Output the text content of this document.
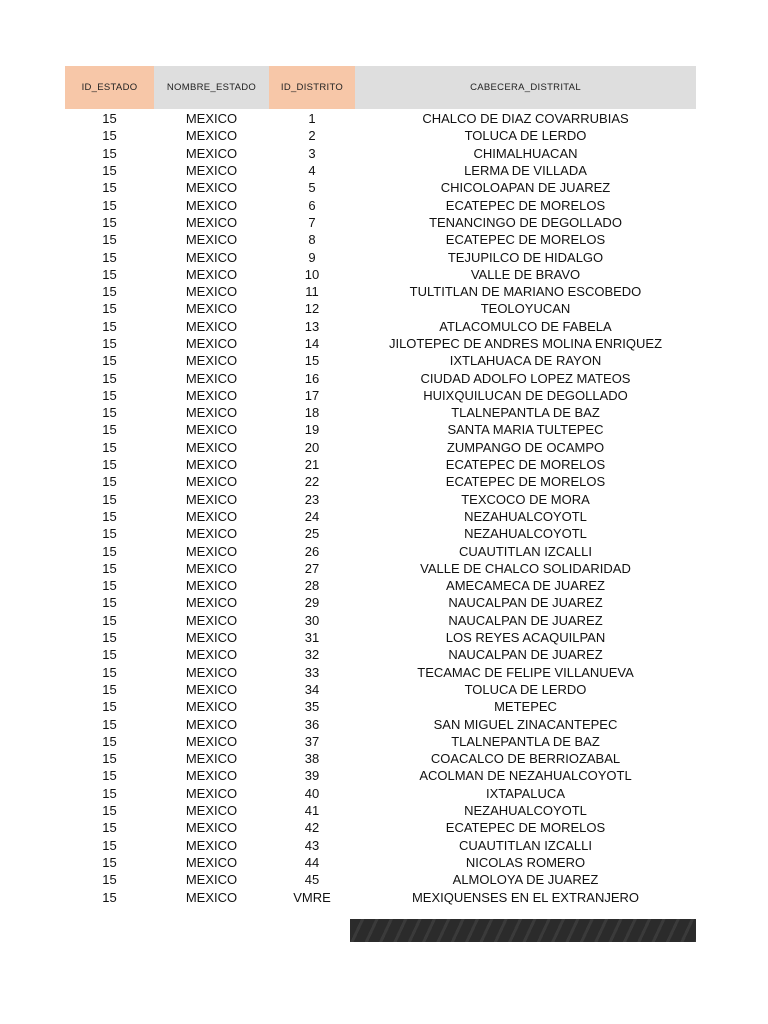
ID_ESTADO	NOMBRE_ESTADO	ID_DISTRITO	CABECERA_DISTRITAL
15	MEXICO	1	CHALCO DE DIAZ COVARRUBIAS
15	MEXICO	2	TOLUCA DE LERDO
15	MEXICO	3	CHIMALHUACAN
15	MEXICO	4	LERMA DE VILLADA
15	MEXICO	5	CHICOLOAPAN DE JUAREZ
15	MEXICO	6	ECATEPEC DE MORELOS
15	MEXICO	7	TENANCINGO DE DEGOLLADO
15	MEXICO	8	ECATEPEC DE MORELOS
15	MEXICO	9	TEJUPILCO DE HIDALGO
15	MEXICO	10	VALLE DE BRAVO
15	MEXICO	11	TULTITLAN DE MARIANO ESCOBEDO
15	MEXICO	12	TEOLOYUCAN
15	MEXICO	13	ATLACOMULCO DE FABELA
15	MEXICO	14	JILOTEPEC DE ANDRES MOLINA ENRIQUEZ
15	MEXICO	15	IXTLAHUACA DE RAYON
15	MEXICO	16	CIUDAD ADOLFO LOPEZ MATEOS
15	MEXICO	17	HUIXQUILUCAN DE DEGOLLADO
15	MEXICO	18	TLALNEPANTLA DE BAZ
15	MEXICO	19	SANTA MARIA TULTEPEC
15	MEXICO	20	ZUMPANGO DE OCAMPO
15	MEXICO	21	ECATEPEC DE MORELOS
15	MEXICO	22	ECATEPEC DE MORELOS
15	MEXICO	23	TEXCOCO DE MORA
15	MEXICO	24	NEZAHUALCOYOTL
15	MEXICO	25	NEZAHUALCOYOTL
15	MEXICO	26	CUAUTITLAN IZCALLI
15	MEXICO	27	VALLE DE CHALCO SOLIDARIDAD
15	MEXICO	28	AMECAMECA DE JUAREZ
15	MEXICO	29	NAUCALPAN DE JUAREZ
15	MEXICO	30	NAUCALPAN DE JUAREZ
15	MEXICO	31	LOS REYES ACAQUILPAN
15	MEXICO	32	NAUCALPAN DE JUAREZ
15	MEXICO	33	TECAMAC DE FELIPE VILLANUEVA
15	MEXICO	34	TOLUCA DE LERDO
15	MEXICO	35	METEPEC
15	MEXICO	36	SAN MIGUEL ZINACANTEPEC
15	MEXICO	37	TLALNEPANTLA DE BAZ
15	MEXICO	38	COACALCO DE BERRIOZABAL
15	MEXICO	39	ACOLMAN DE NEZAHUALCOYOTL
15	MEXICO	40	IXTAPALUCA
15	MEXICO	41	NEZAHUALCOYOTL
15	MEXICO	42	ECATEPEC DE MORELOS
15	MEXICO	43	CUAUTITLAN IZCALLI
15	MEXICO	44	NICOLAS ROMERO
15	MEXICO	45	ALMOLOYA DE JUAREZ
15	MEXICO	VMRE	MEXIQUENSES EN EL EXTRANJERO
